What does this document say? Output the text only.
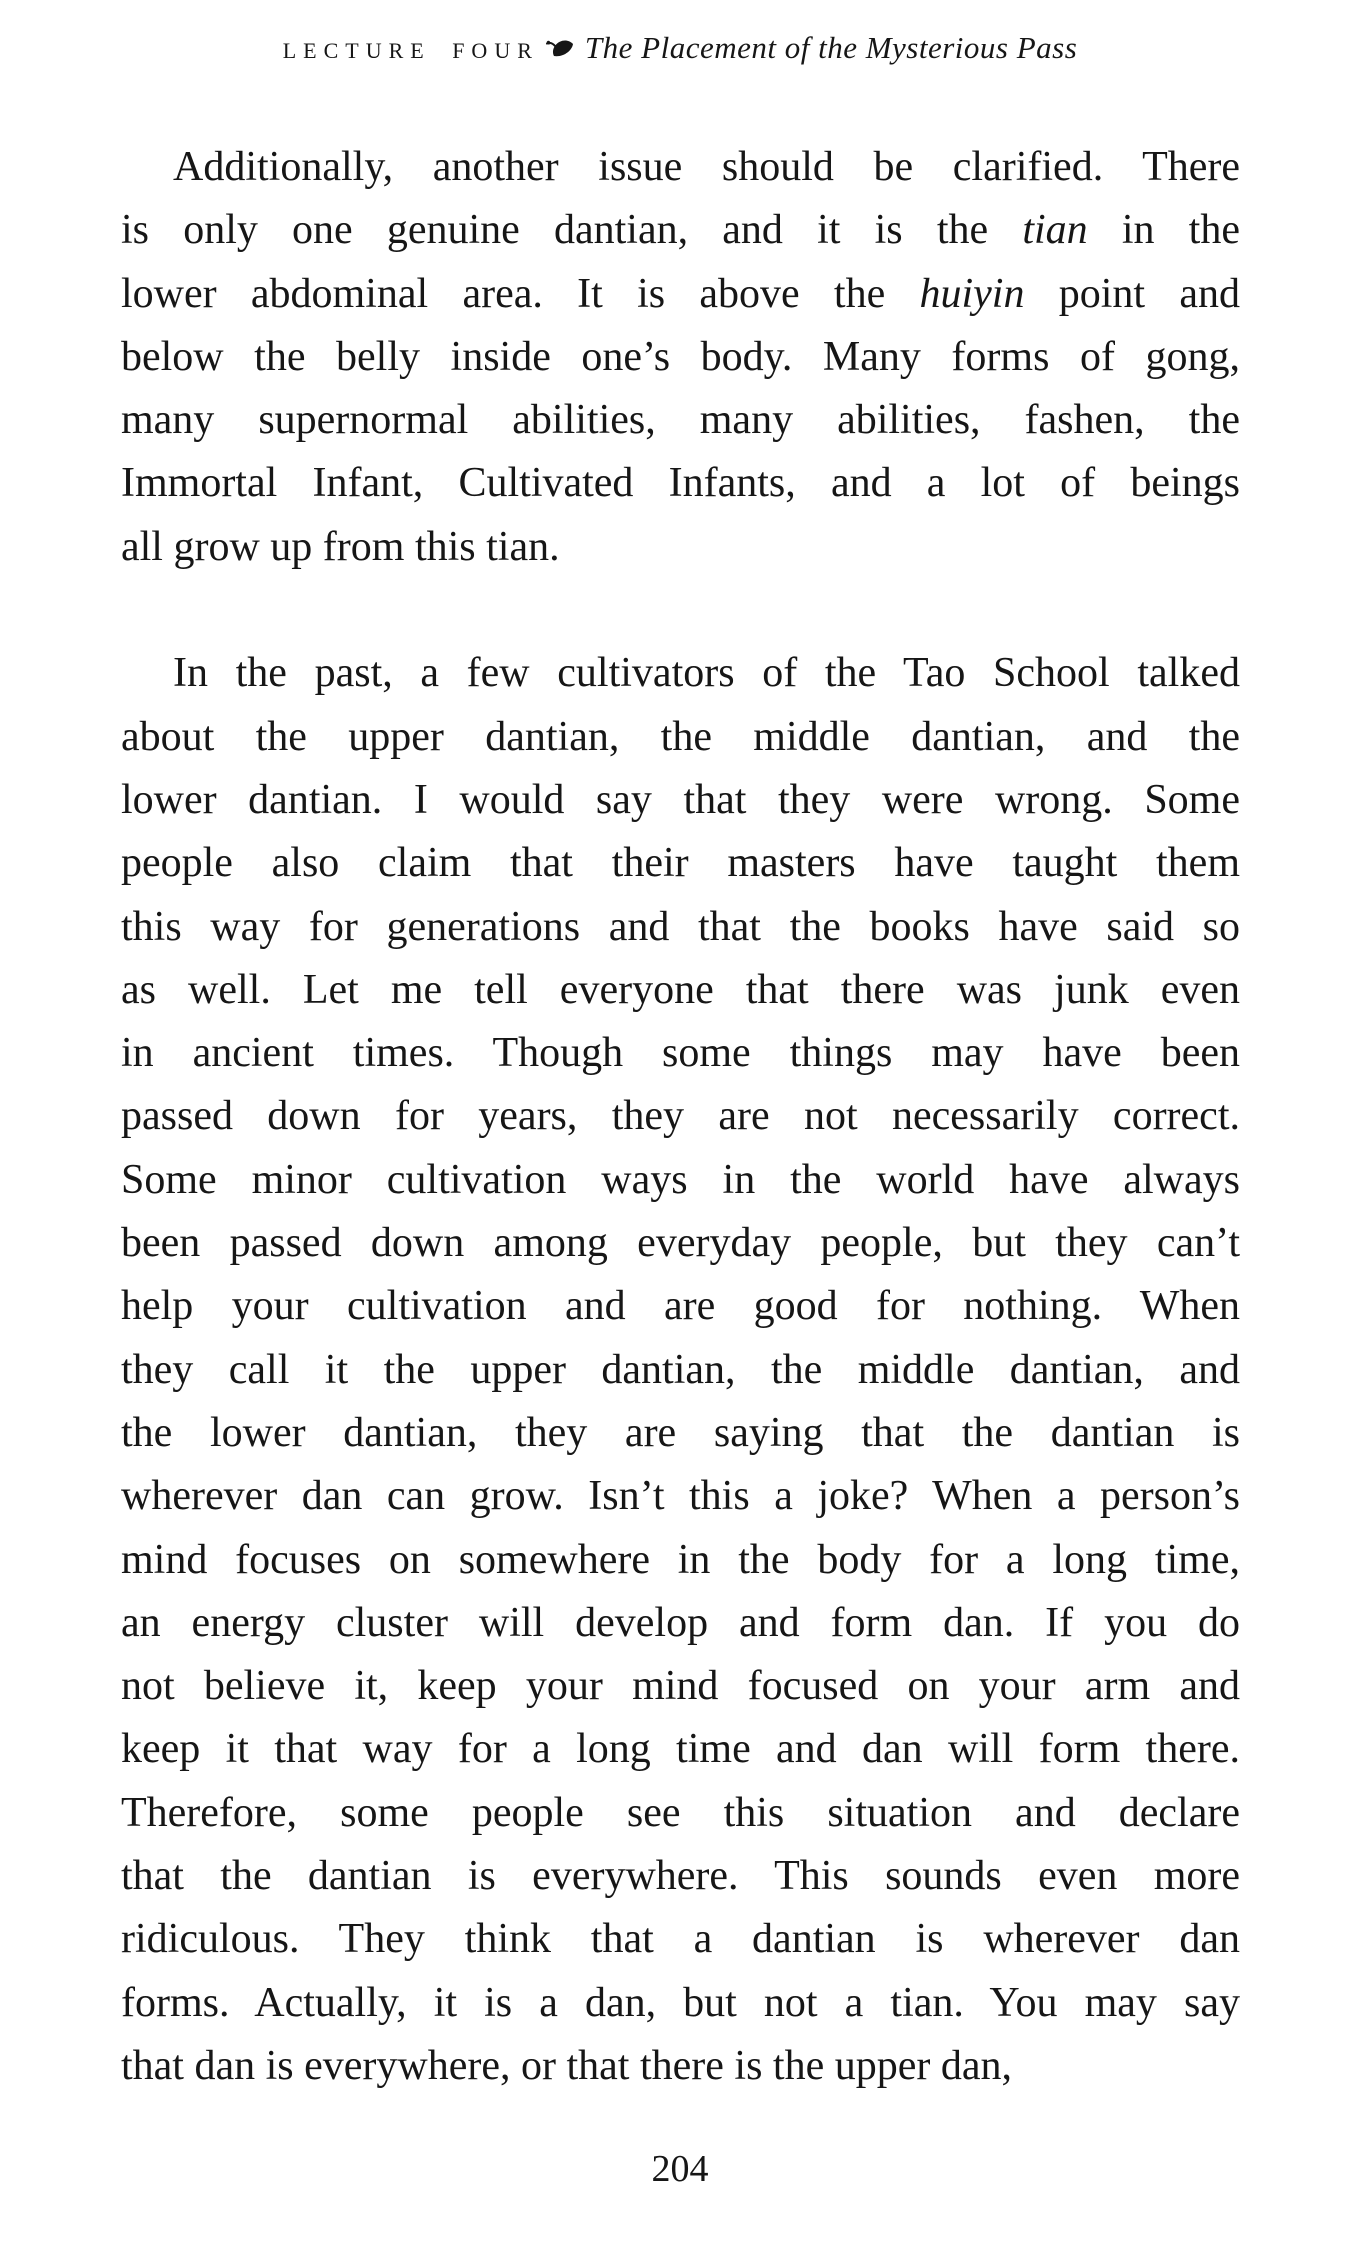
LECTURE FOUR The Placement of the Mysterious Pass
Additionally, another issue should be clarified. There
is only one genuine dantian, and it is the tian in the
lower abdominal area. It is above the huiyin point and
below the belly inside one’s body. Many forms of gong,
many supernormal abilities, many abilities, fashen, the
Immortal Infant, Cultivated Infants, and a lot of beings
all grow up from this tian.
In the past, a few cultivators of the Tao School talked
about the upper dantian, the middle dantian, and the
lower dantian. I would say that they were wrong. Some
people also claim that their masters have taught them
this way for generations and that the books have said so
as well. Let me tell everyone that there was junk even
in ancient times. Though some things may have been
passed down for years, they are not necessarily correct.
Some minor cultivation ways in the world have always
been passed down among everyday people, but they can’t
help your cultivation and are good for nothing. When
they call it the upper dantian, the middle dantian, and
the lower dantian, they are saying that the dantian is
wherever dan can grow. Isn’t this a joke? When a person’s
mind focuses on somewhere in the body for a long time,
an energy cluster will develop and form dan. If you do
not believe it, keep your mind focused on your arm and
keep it that way for a long time and dan will form there.
Therefore, some people see this situation and declare
that the dantian is everywhere. This sounds even more
ridiculous. They think that a dantian is wherever dan
forms. Actually, it is a dan, but not a tian. You may say
that dan is everywhere, or that there is the upper dan,
204
